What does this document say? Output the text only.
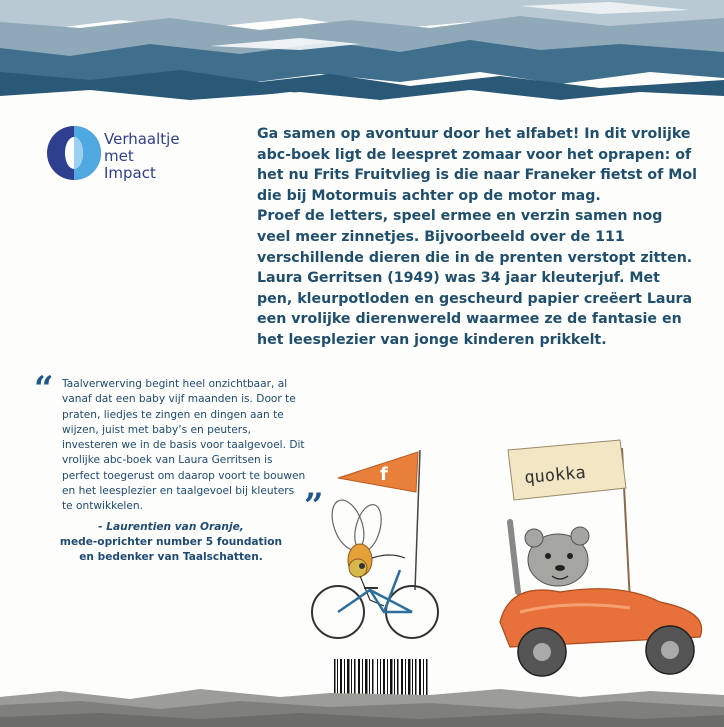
Verhaaltje
met
Impact

Ga samen op avontuur door het alfabet! In dit vrolijke abc-boek ligt de leespret zomaar voor het oprapen: of het nu Frits Fruitvlieg is die naar Franeker fietst of Mol die bij Motormuis achter op de motor mag.

Proef de letters, speel ermee en verzin samen nog veel meer zinnetjes. Bijvoorbeeld over de 111 verschillende dieren die in de prenten verstopt zitten.

Laura Gerritsen (1949) was 34 jaar kleuterjuf. Met pen, kleurpotloden en gescheurd papier creëert Laura een vrolijke dierenwereld waarmee ze de fantasie en het leesplezier van jonge kinderen prikkelt.

“ Taalverwerving begint heel onzichtbaar, al vanaf dat een baby vijf maanden is. Door te praten, liedjes te zingen en dingen aan te wijzen, juist met baby’s en peuters, investeren we in de basis voor taalgevoel. Dit vrolijke abc-boek van Laura Gerritsen is perfect toegerust om daarop voort te bouwen en het leesplezier en taalgevoel bij kleuters te ontwikkelen.	”
- Laurentien van Oranje,
mede-oprichter number 5 foundation
en bedenker van Taalschatten.
f	quokka
